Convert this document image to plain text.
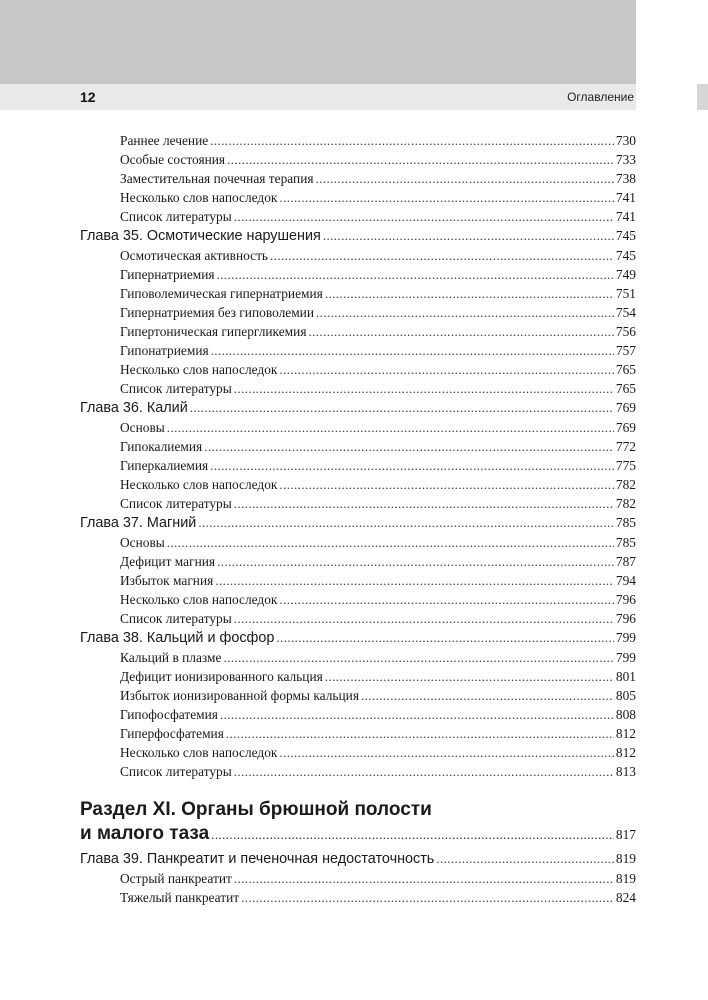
12	Оглавление
Раннее лечение .....	730
Особые состояния .....	733
Заместительная почечная терапия .....	738
Несколько слов напоследок .....	741
Список литературы .....	741
Глава 35. Осмотические нарушения .....	745
Осмотическая активность .....	745
Гипернатриемия .....	749
Гиповолемическая гипернатриемия .....	751
Гипернатриемия без гиповолемии .....	754
Гипертоническая гипергликемия .....	756
Гипонатриемия .....	757
Несколько слов напоследок .....	765
Список литературы .....	765
Глава 36. Калий .....	769
Основы .....	769
Гипокалиемия .....	772
Гиперкалиемия .....	775
Несколько слов напоследок .....	782
Список литературы .....	782
Глава 37. Магний .....	785
Основы .....	785
Дефицит магния .....	787
Избыток магния .....	794
Несколько слов напоследок .....	796
Список литературы .....	796
Глава 38. Кальций и фосфор .....	799
Кальций в плазме .....	799
Дефицит ионизированного кальция .....	801
Избыток ионизированной формы кальция .....	805
Гипофосфатемия .....	808
Гиперфосфатемия .....	812
Несколько слов напоследок .....	812
Список литературы .....	813
Раздел XI. Органы брюшной полости
и малого таза .....	817
Глава 39. Панкреатит и печеночная недостаточность .....	819
Острый панкреатит .....	819
Тяжелый панкреатит .....	824
